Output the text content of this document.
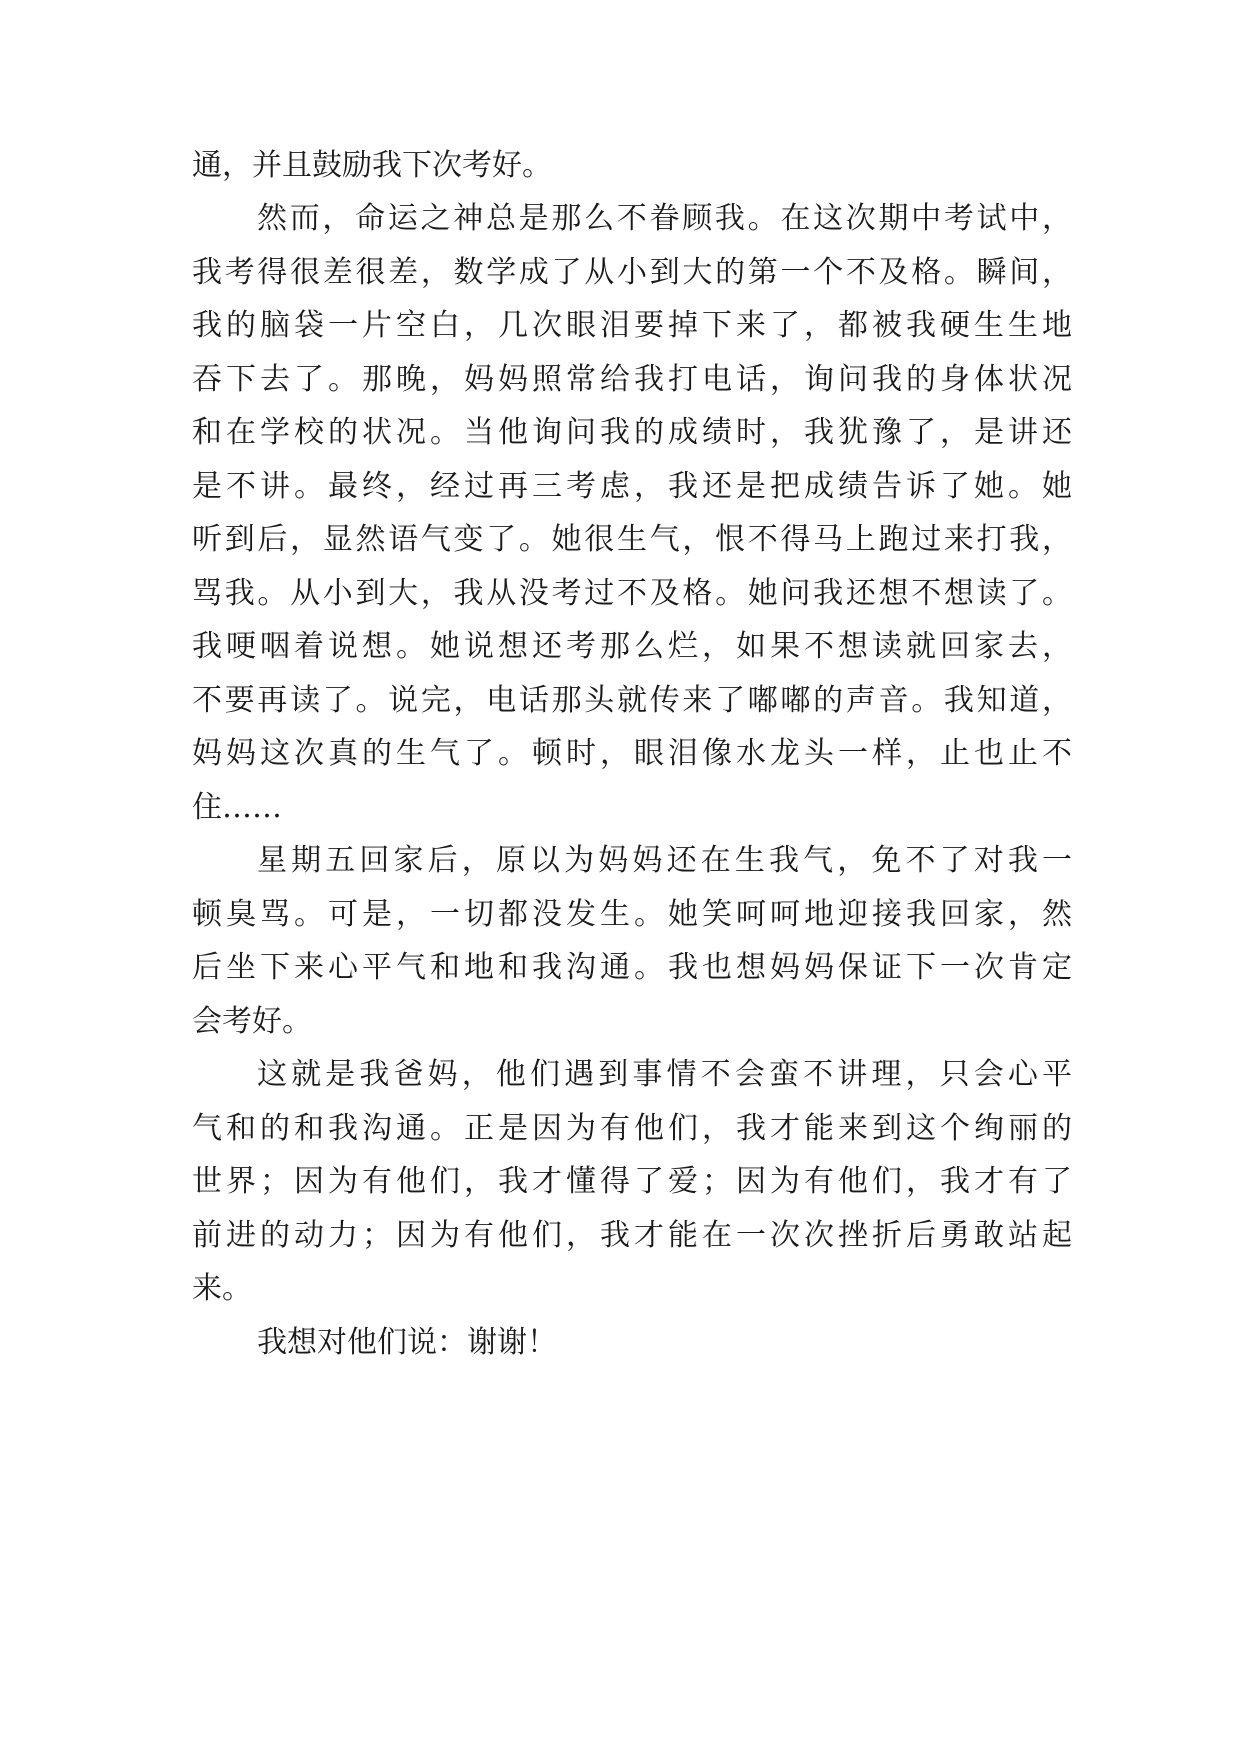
通，并且鼓励我下次考好。
然而，命运之神总是那么不眷顾我。在这次期中考试中，
我考得很差很差，数学成了从小到大的第一个不及格。瞬间，
我的脑袋一片空白，几次眼泪要掉下来了，都被我硬生生地
吞下去了。那晚，妈妈照常给我打电话，询问我的身体状况
和在学校的状况。当他询问我的成绩时，我犹豫了，是讲还
是不讲。最终，经过再三考虑，我还是把成绩告诉了她。她
听到后，显然语气变了。她很生气，恨不得马上跑过来打我，
骂我。从小到大，我从没考过不及格。她问我还想不想读了。
我哽咽着说想。她说想还考那么烂，如果不想读就回家去，
不要再读了。说完，电话那头就传来了嘟嘟的声音。我知道，
妈妈这次真的生气了。顿时，眼泪像水龙头一样，止也止不
住……
星期五回家后，原以为妈妈还在生我气，免不了对我一
顿臭骂。可是，一切都没发生。她笑呵呵地迎接我回家，然
后坐下来心平气和地和我沟通。我也想妈妈保证下一次肯定
会考好。
这就是我爸妈，他们遇到事情不会蛮不讲理，只会心平
气和的和我沟通。正是因为有他们，我才能来到这个绚丽的
世界；因为有他们，我才懂得了爱；因为有他们，我才有了
前进的动力；因为有他们，我才能在一次次挫折后勇敢站起
来。
我想对他们说：谢谢！
